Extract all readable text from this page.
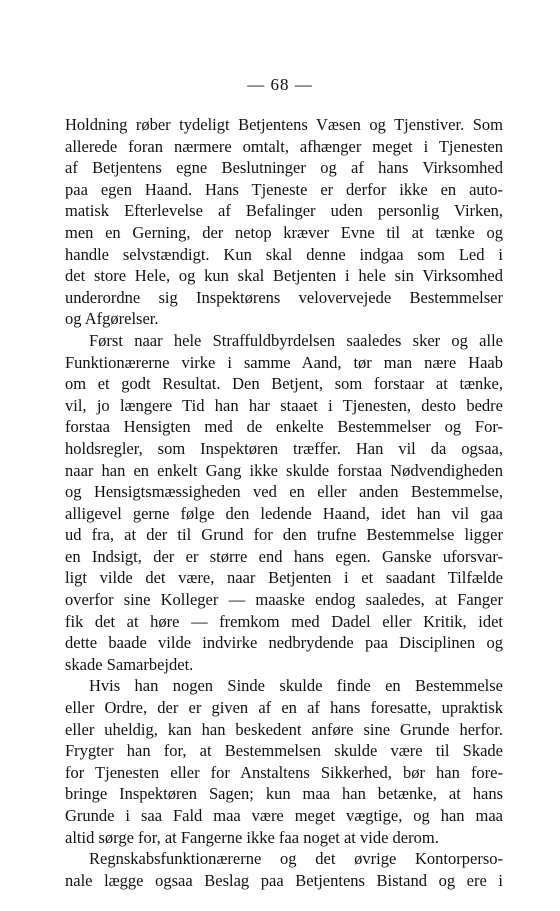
— 68 —
Holdning røber tydeligt Betjentens Væsen og Tjenstiver. Som
allerede foran nærmere omtalt, afhænger meget i Tjenesten
af Betjentens egne Beslutninger og af hans Virksomhed
paa egen Haand. Hans Tjeneste er derfor ikke en auto-
matisk Efterlevelse af Befalinger uden personlig Virken,
men en Gerning, der netop kræver Evne til at tænke og
handle selvstændigt. Kun skal denne indgaa som Led i
det store Hele, og kun skal Betjenten i hele sin Virksomhed
underordne sig Inspektørens velovervejede Bestemmelser
og Afgørelser.
Først naar hele Straffuldbyrdelsen saaledes sker og alle
Funktionærerne virke i samme Aand, tør man nære Haab
om et godt Resultat. Den Betjent, som forstaar at tænke,
vil, jo længere Tid han har staaet i Tjenesten, desto bedre
forstaa Hensigten med de enkelte Bestemmelser og For-
holdsregler, som Inspektøren træffer. Han vil da ogsaa,
naar han en enkelt Gang ikke skulde forstaa Nødvendigheden
og Hensigtsmæssigheden ved en eller anden Bestemmelse,
alligevel gerne følge den ledende Haand, idet han vil gaa
ud fra, at der til Grund for den trufne Bestemmelse ligger
en Indsigt, der er større end hans egen. Ganske uforsvar-
ligt vilde det være, naar Betjenten i et saadant Tilfælde
overfor sine Kolleger — maaske endog saaledes, at Fanger
fik det at høre — fremkom med Dadel eller Kritik, idet
dette baade vilde indvirke nedbrydende paa Disciplinen og
skade Samarbejdet.
Hvis han nogen Sinde skulde finde en Bestemmelse
eller Ordre, der er given af en af hans foresatte, upraktisk
eller uheldig, kan han beskedent anføre sine Grunde herfor.
Frygter han for, at Bestemmelsen skulde være til Skade
for Tjenesten eller for Anstaltens Sikkerhed, bør han fore-
bringe Inspektøren Sagen; kun maa han betænke, at hans
Grunde i saa Fald maa være meget vægtige, og han maa
altid sørge for, at Fangerne ikke faa noget at vide derom.
Regnskabsfunktionærerne og det øvrige Kontorperso-
nale lægge ogsaa Beslag paa Betjentens Bistand og ere i
